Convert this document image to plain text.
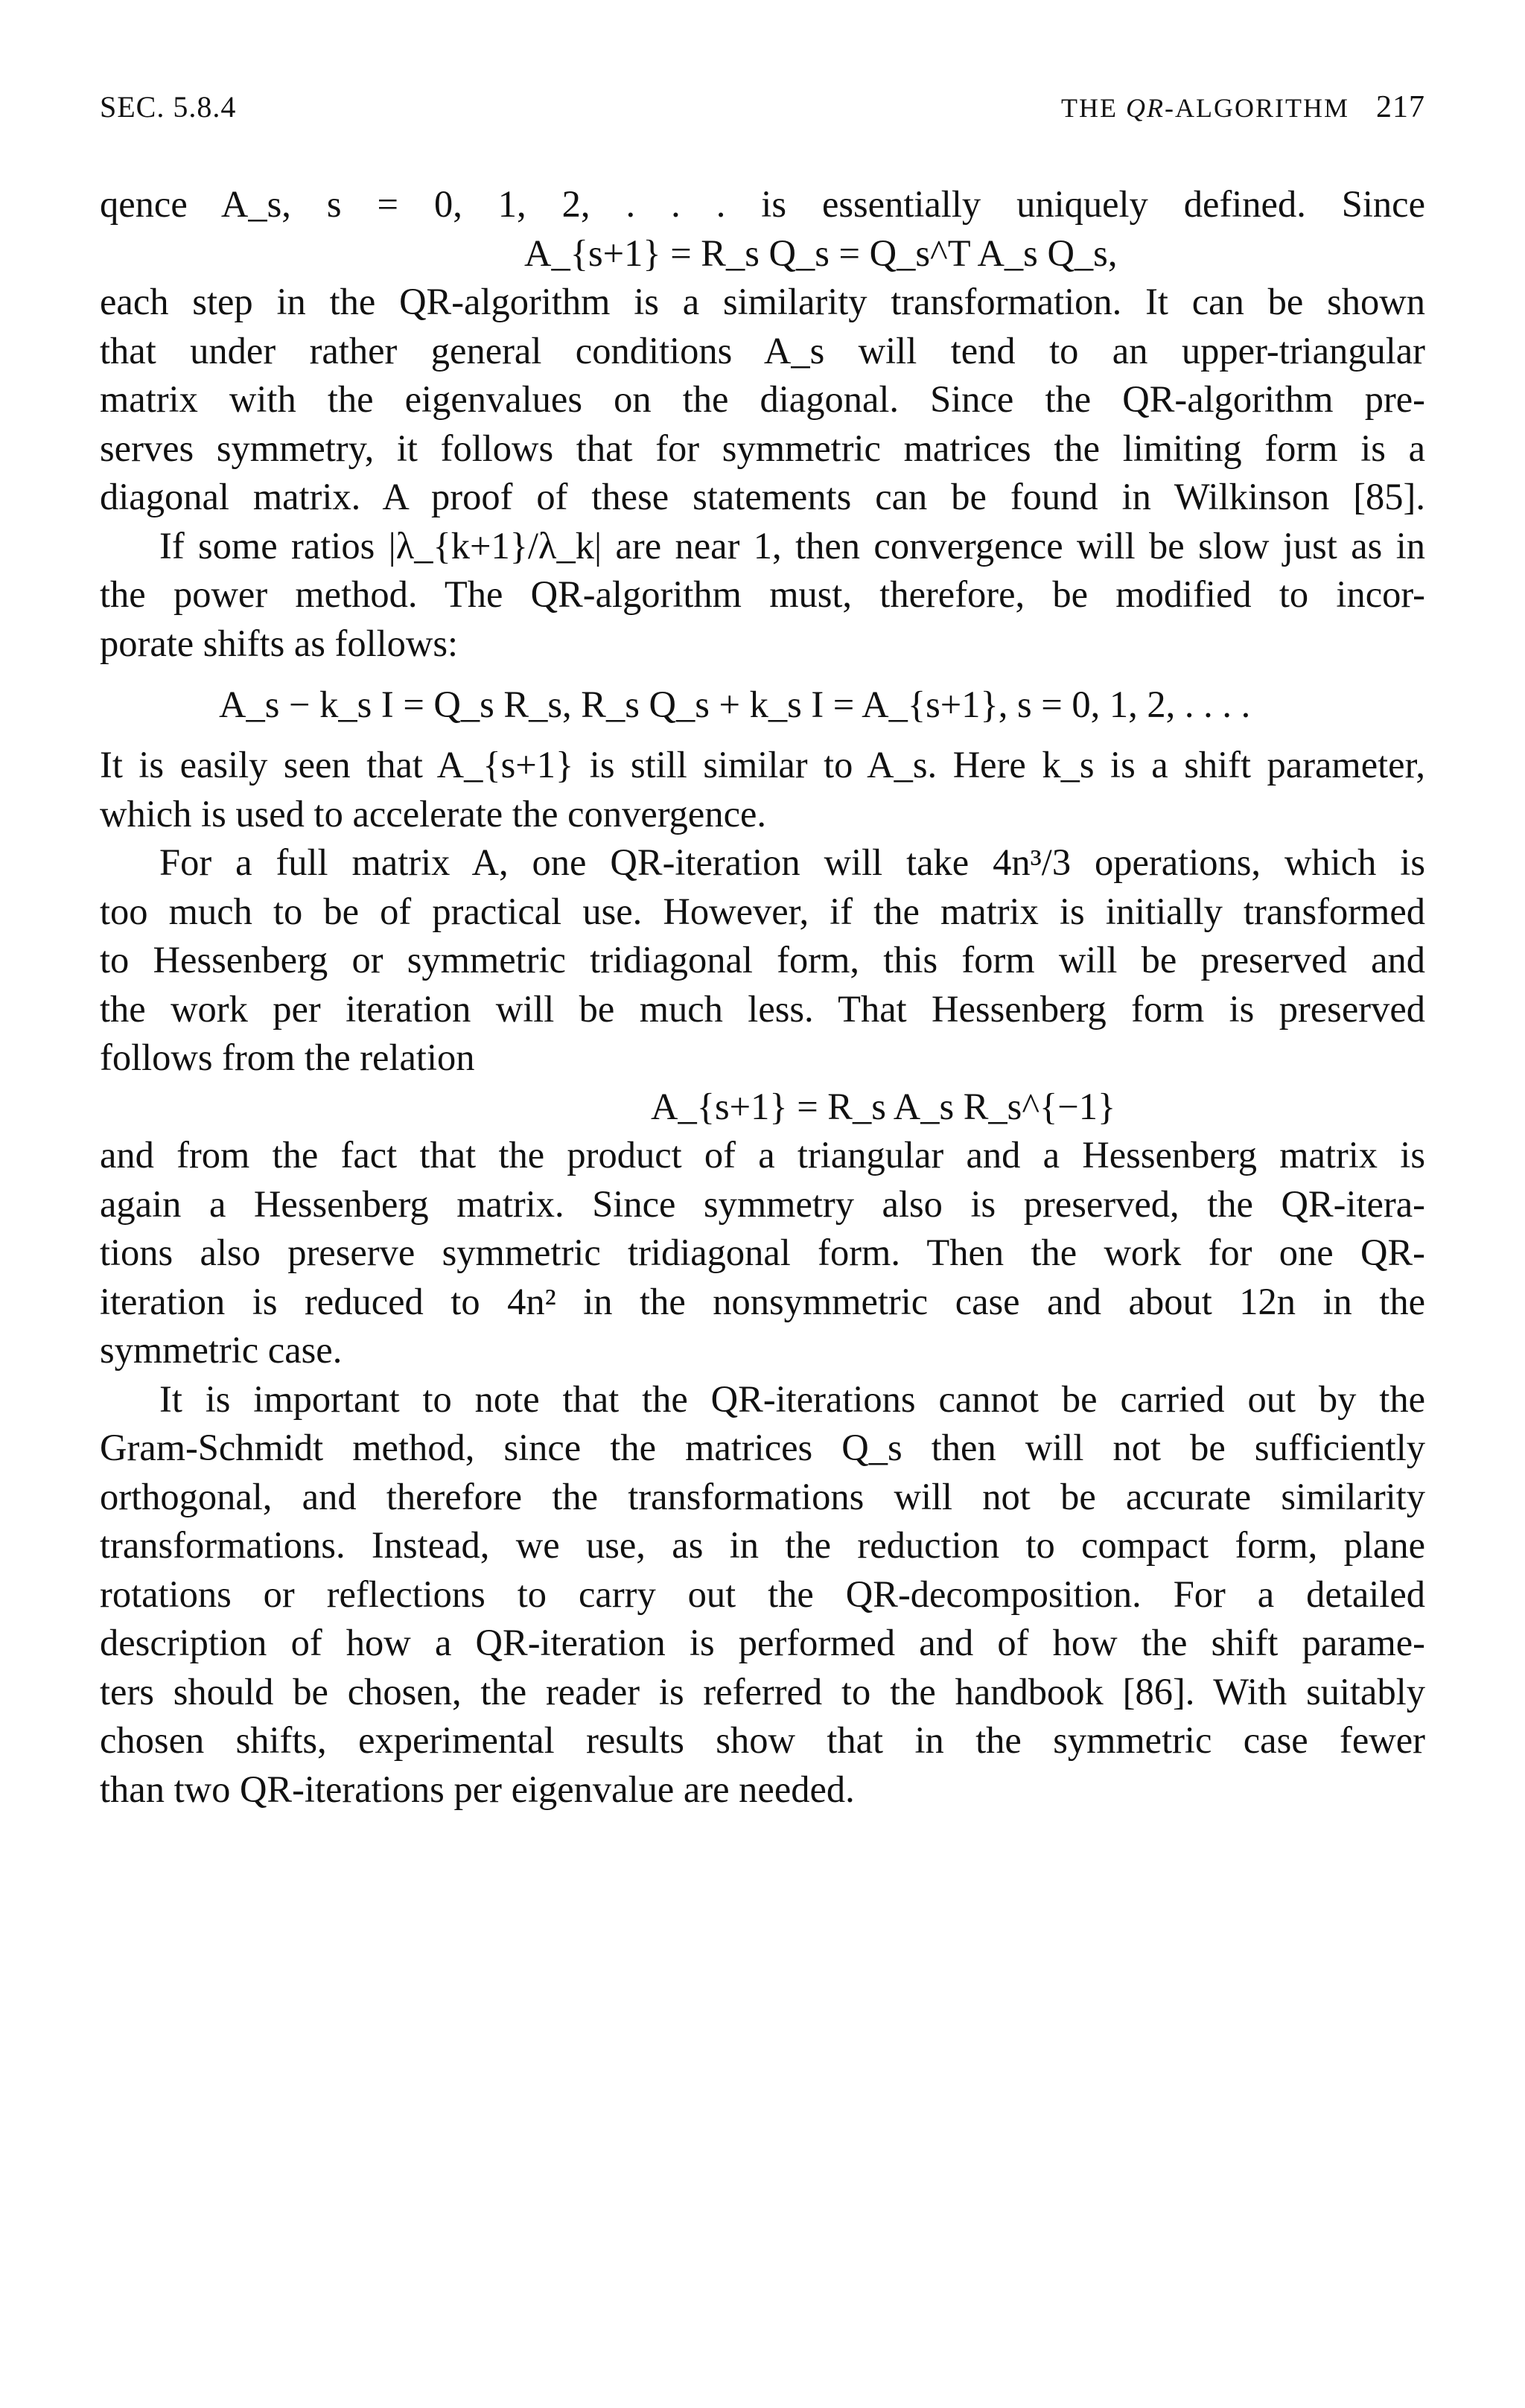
SEC. 5.8.4	THE QR-ALGORITHM 217
qence A_s, s = 0, 1, 2, . . . is essentially uniquely defined. Since
A_{s+1} = R_s Q_s = Q_s^T A_s Q_s,
each step in the QR-algorithm is a similarity transformation. It can be shown
that under rather general conditions A_s will tend to an upper-triangular
matrix with the eigenvalues on the diagonal. Since the QR-algorithm pre-
serves symmetry, it follows that for symmetric matrices the limiting form is a
diagonal matrix. A proof of these statements can be found in Wilkinson [85].
If some ratios |λ_{k+1}/λ_k| are near 1, then convergence will be slow just as in
the power method. The QR-algorithm must, therefore, be modified to incor-
porate shifts as follows:
A_s − k_s I = Q_s R_s, R_s Q_s + k_s I = A_{s+1}, s = 0, 1, 2, . . . .
It is easily seen that A_{s+1} is still similar to A_s. Here k_s is a shift parameter,
which is used to accelerate the convergence.
For a full matrix A, one QR-iteration will take 4n³/3 operations, which is
too much to be of practical use. However, if the matrix is initially transformed
to Hessenberg or symmetric tridiagonal form, this form will be preserved and
the work per iteration will be much less. That Hessenberg form is preserved
follows from the relation
A_{s+1} = R_s A_s R_s^{−1}
and from the fact that the product of a triangular and a Hessenberg matrix is
again a Hessenberg matrix. Since symmetry also is preserved, the QR-itera-
tions also preserve symmetric tridiagonal form. Then the work for one QR-
iteration is reduced to 4n² in the nonsymmetric case and about 12n in the
symmetric case.
It is important to note that the QR-iterations cannot be carried out by the
Gram-Schmidt method, since the matrices Q_s then will not be sufficiently
orthogonal, and therefore the transformations will not be accurate similarity
transformations. Instead, we use, as in the reduction to compact form, plane
rotations or reflections to carry out the QR-decomposition. For a detailed
description of how a QR-iteration is performed and of how the shift parame-
ters should be chosen, the reader is referred to the handbook [86]. With suitably
chosen shifts, experimental results show that in the symmetric case fewer
than two QR-iterations per eigenvalue are needed.
